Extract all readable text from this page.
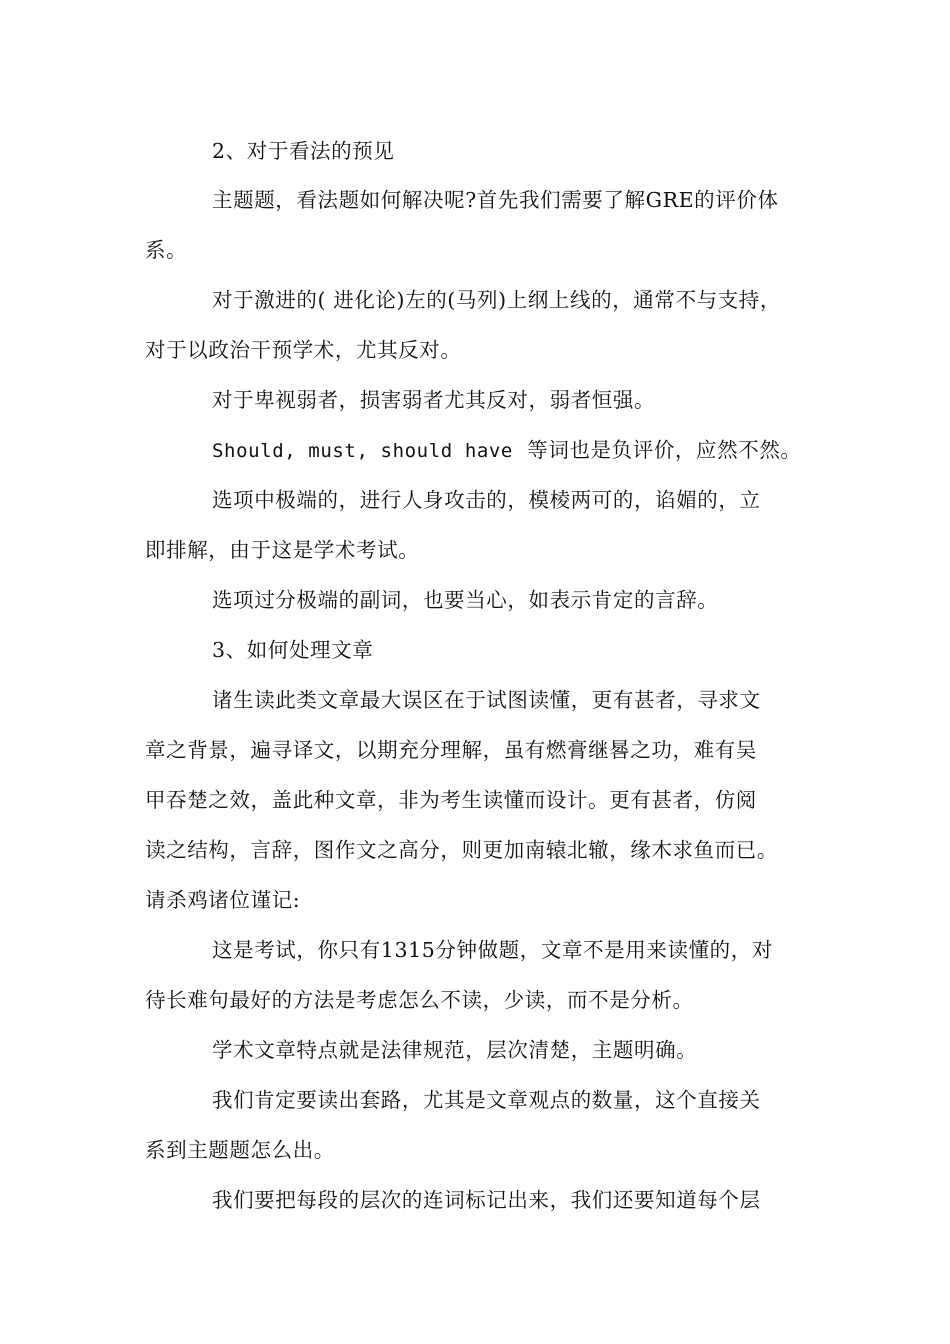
2、对于看法的预见
主题题，看法题如何解决呢?首先我们需要了解GRE的评价体
系。
对于激进的( 进化论)左的(马列)上纲上线的，通常不与支持，
对于以政治干预学术，尤其反对。
对于卑视弱者，损害弱者尤其反对，弱者恒强。
Should, must, should have 等词也是负评价，应然不然。
选项中极端的，进行人身攻击的，模棱两可的，谄媚的，立
即排解，由于这是学术考试。
选项过分极端的副词，也要当心，如表示肯定的言辞。
3、如何处理文章
诸生读此类文章最大误区在于试图读懂，更有甚者，寻求文
章之背景，遍寻译文，以期充分理解，虽有燃膏继晷之功，难有吴
甲吞楚之效，盖此种文章，非为考生读懂而设计。更有甚者，仿阅
读之结构，言辞，图作文之高分，则更加南辕北辙，缘木求鱼而已。
请杀鸡诸位谨记:
这是考试，你只有1315分钟做题，文章不是用来读懂的，对
待长难句最好的方法是考虑怎么不读，少读，而不是分析。
学术文章特点就是法律规范，层次清楚，主题明确。
我们肯定要读出套路，尤其是文章观点的数量，这个直接关
系到主题题怎么出。
我们要把每段的层次的连词标记出来，我们还要知道每个层
